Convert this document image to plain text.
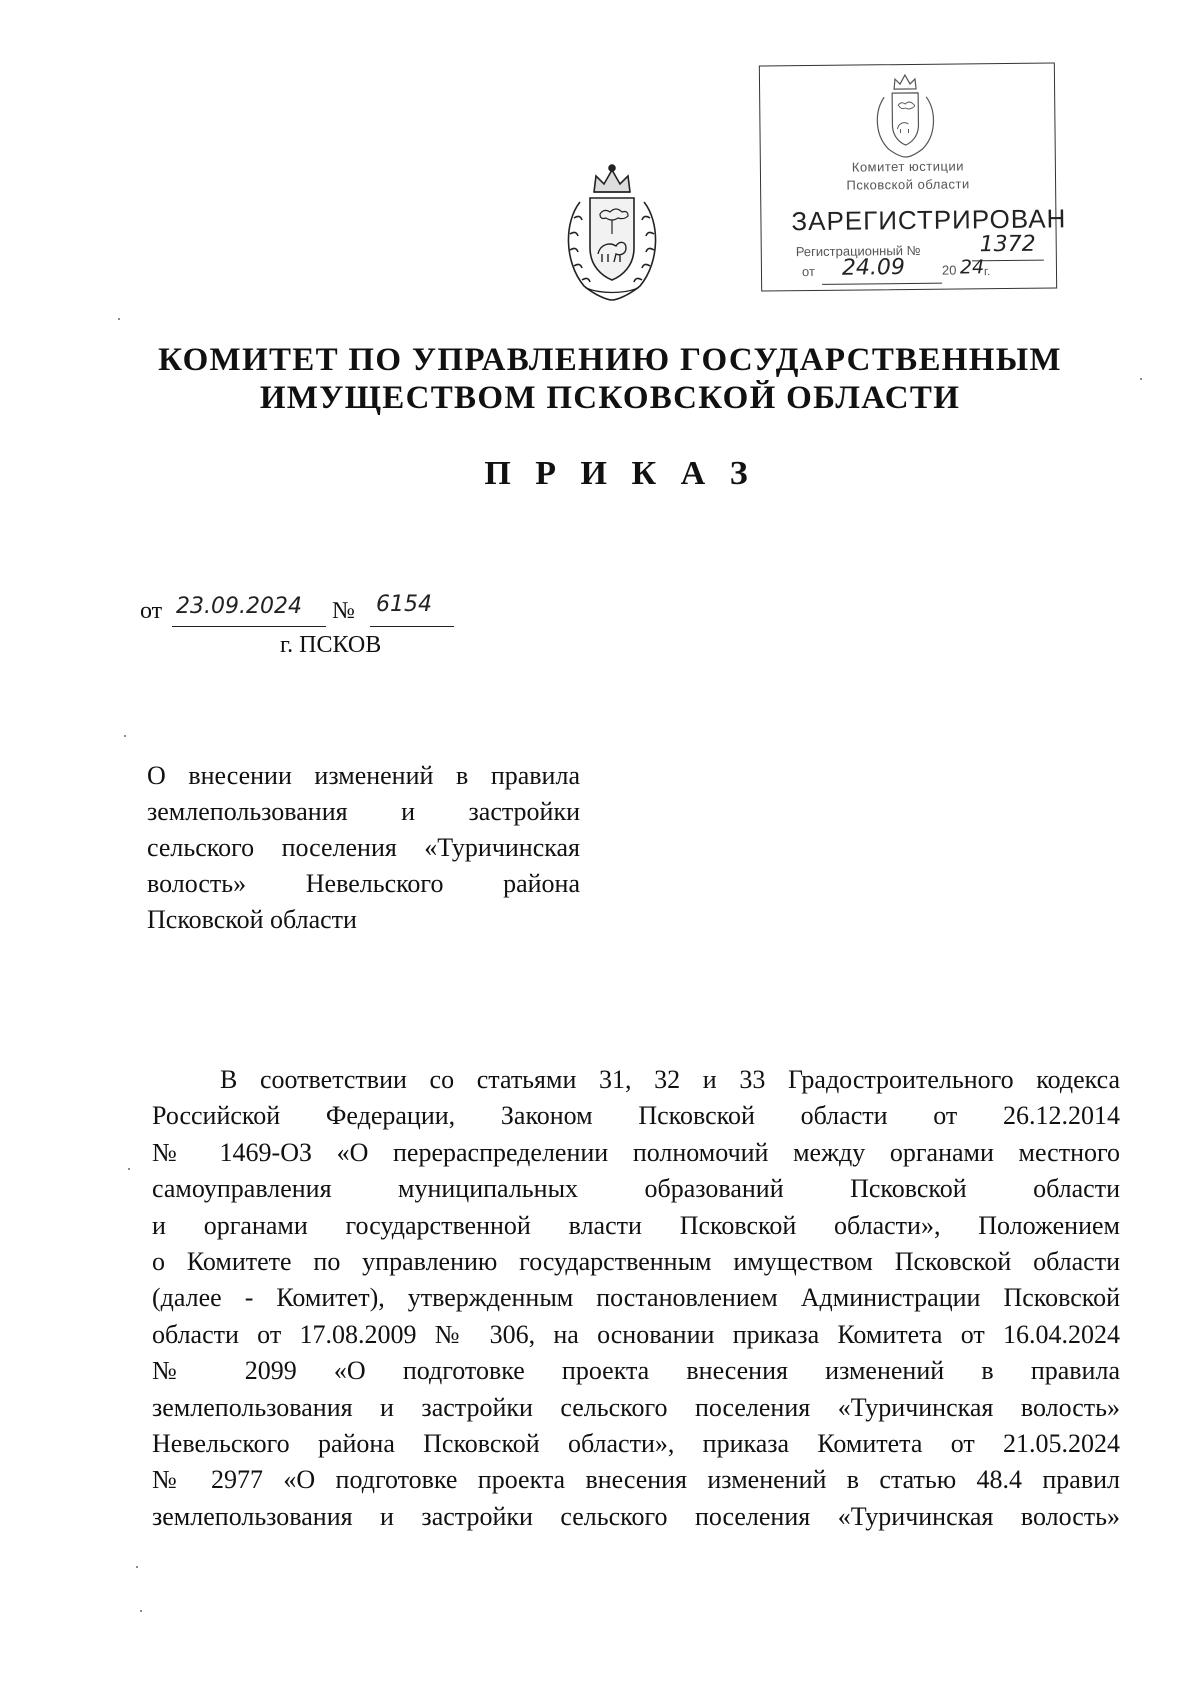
Комитет юстиции
Псковской области
ЗАРЕГИСТРИРОВАН
Регистрационный №	1372
от 24.09	20 24 г.
КОМИТЕТ ПО УПРАВЛЕНИЮ ГОСУДАРСТВЕННЫМ
ИМУЩЕСТВОМ ПСКОВСКОЙ ОБЛАСТИ
П Р И К А З
от 23.09.2024 № 6154
г. ПСКОВ
О внесении изменений в правила
землепользования и застройки
сельского поселения «Туричинская
волость» Невельского района
Псковской области
В соответствии со статьями 31, 32 и 33 Градостроительного кодекса
Российской Федерации, Законом Псковской области от 26.12.2014
№ 1469-ОЗ «О перераспределении полномочий между органами местного
самоуправления муниципальных образований Псковской области
и органами государственной власти Псковской области», Положением
о Комитете по управлению государственным имуществом Псковской области
(далее - Комитет), утвержденным постановлением Администрации Псковской
области от 17.08.2009 № 306, на основании приказа Комитета от 16.04.2024
№ 2099 «О подготовке проекта внесения изменений в правила
землепользования и застройки сельского поселения «Туричинская волость»
Невельского района Псковской области», приказа Комитета от 21.05.2024
№ 2977 «О подготовке проекта внесения изменений в статью 48.4 правил
землепользования и застройки сельского поселения «Туричинская волость»
